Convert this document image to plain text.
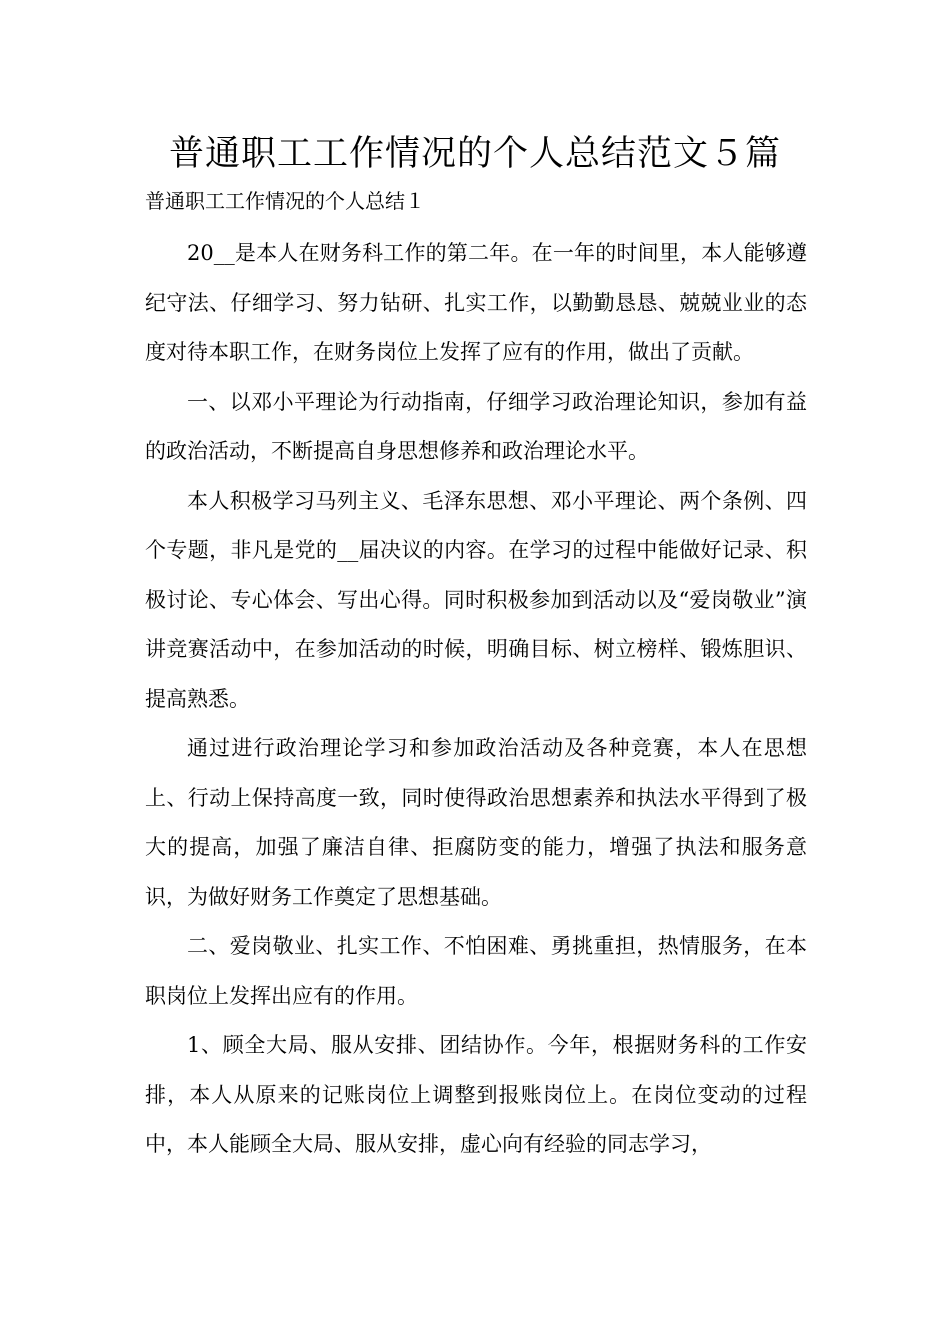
普通职工工作情况的个人总结范文５篇

普通职工工作情况的个人总结１

20__是本人在财务科工作的第二年。在一年的时间里，本人能够遵纪守法、仔细学习、努力钻研、扎实工作，以勤勤恳恳、兢兢业业的态度对待本职工作，在财务岗位上发挥了应有的作用，做出了贡献。

一、以邓小平理论为行动指南，仔细学习政治理论知识，参加有益的政治活动，不断提高自身思想修养和政治理论水平。

本人积极学习马列主义、毛泽东思想、邓小平理论、两个条例、四个专题，非凡是党的__届决议的内容。在学习的过程中能做好记录、积极讨论、专心体会、写出心得。同时积极参加到活动以及“爱岗敬业”演讲竞赛活动中，在参加活动的时候，明确目标、树立榜样、锻炼胆识、提高熟悉。

通过进行政治理论学习和参加政治活动及各种竞赛，本人在思想上、行动上保持高度一致，同时使得政治思想素养和执法水平得到了极大的提高，加强了廉洁自律、拒腐防变的能力，增强了执法和服务意识，为做好财务工作奠定了思想基础。

二、爱岗敬业、扎实工作、不怕困难、勇挑重担，热情服务，在本职岗位上发挥出应有的作用。

1、顾全大局、服从安排、团结协作。今年，根据财务科的工作安排，本人从原来的记账岗位上调整到报账岗位上。在岗位变动的过程中，本人能顾全大局、服从安排，虚心向有经验的同志学习，
